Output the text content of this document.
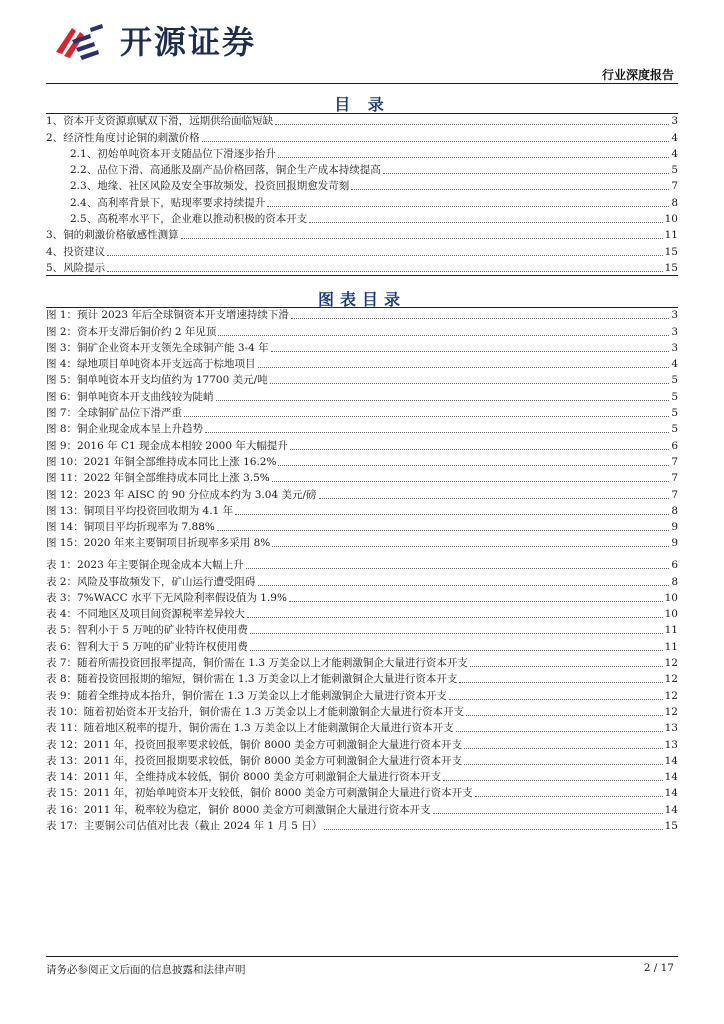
开源证券
行业深度报告
目 录
1、资本开支资源禀赋双下滑，远期供给面临短缺	3
2、经济性角度讨论铜的刺激价格	4
2.1、初始单吨资本开支随品位下滑逐步抬升	4
2.2、品位下滑、高通胀及副产品价格回落，铜企生产成本持续提高	5
2.3、地缘、社区风险及安全事故频发，投资回报期愈发苛刻	7
2.4、高利率背景下，贴现率要求持续提升	8
2.5、高税率水平下，企业难以推动积极的资本开支	10
3、铜的刺激价格敏感性测算	11
4、投资建议	15
5、风险提示	15
图表目录
图 1：预计 2023 年后全球铜资本开支增速持续下滑	3
图 2：资本开支滞后铜价约 2 年见顶	3
图 3：铜矿企业资本开支领先全球铜产能 3-4 年	3
图 4：绿地项目单吨资本开支远高于棕地项目	4
图 5：铜单吨资本开支均值约为 17700 美元/吨	5
图 6：铜单吨资本开支曲线较为陡峭	5
图 7：全球铜矿品位下滑严重	5
图 8：铜企业现金成本呈上升趋势	5
图 9：2016 年 C1 现金成本相较 2000 年大幅提升	6
图 10：2021 年铜全部维持成本同比上涨 16.2%	7
图 11：2022 年铜全部维持成本同比上涨 3.5%	7
图 12：2023 年 AISC 的 90 分位成本约为 3.04 美元/磅	7
图 13：铜项目平均投资回收期为 4.1 年	8
图 14：铜项目平均折现率为 7.88%	9
图 15：2020 年来主要铜项目折现率多采用 8%	9
表 1：2023 年主要铜企现金成本大幅上升	6
表 2：风险及事故频发下，矿山运行遭受阻碍	8
表 3：7%WACC 水平下无风险利率假设值为 1.9%	10
表 4：不同地区及项目间资源税率差异较大	10
表 5：智利小于 5 万吨的矿业特许权使用费	11
表 6：智利大于 5 万吨的矿业特许权使用费	11
表 7：随着所需投资回报率提高，铜价需在 1.3 万美金以上才能刺激铜企大量进行资本开支	12
表 8：随着投资回报期的缩短，铜价需在 1.3 万美金以上才能刺激铜企大量进行资本开支	12
表 9：随着全维持成本抬升，铜价需在 1.3 万美金以上才能刺激铜企大量进行资本开支	12
表 10：随着初始资本开支抬升，铜价需在 1.3 万美金以上才能刺激铜企大量进行资本开支	12
表 11：随着地区税率的提升，铜价需在 1.3 万美金以上才能刺激铜企大量进行资本开支	13
表 12：2011 年，投资回报率要求较低，铜价 8000 美金方可刺激铜企大量进行资本开支	13
表 13：2011 年，投资回报期要求较低，铜价 8000 美金方可刺激铜企大量进行资本开支	14
表 14：2011 年，全维持成本较低，铜价 8000 美金方可刺激铜企大量进行资本开支	14
表 15：2011 年，初始单吨资本开支较低，铜价 8000 美金方可刺激铜企大量进行资本开支	14
表 16：2011 年，税率较为稳定，铜价 8000 美金方可刺激铜企大量进行资本开支	14
表 17：主要铜公司估值对比表（截止 2024 年 1 月 5 日）	15
请务必参阅正文后面的信息披露和法律声明	2 / 17
